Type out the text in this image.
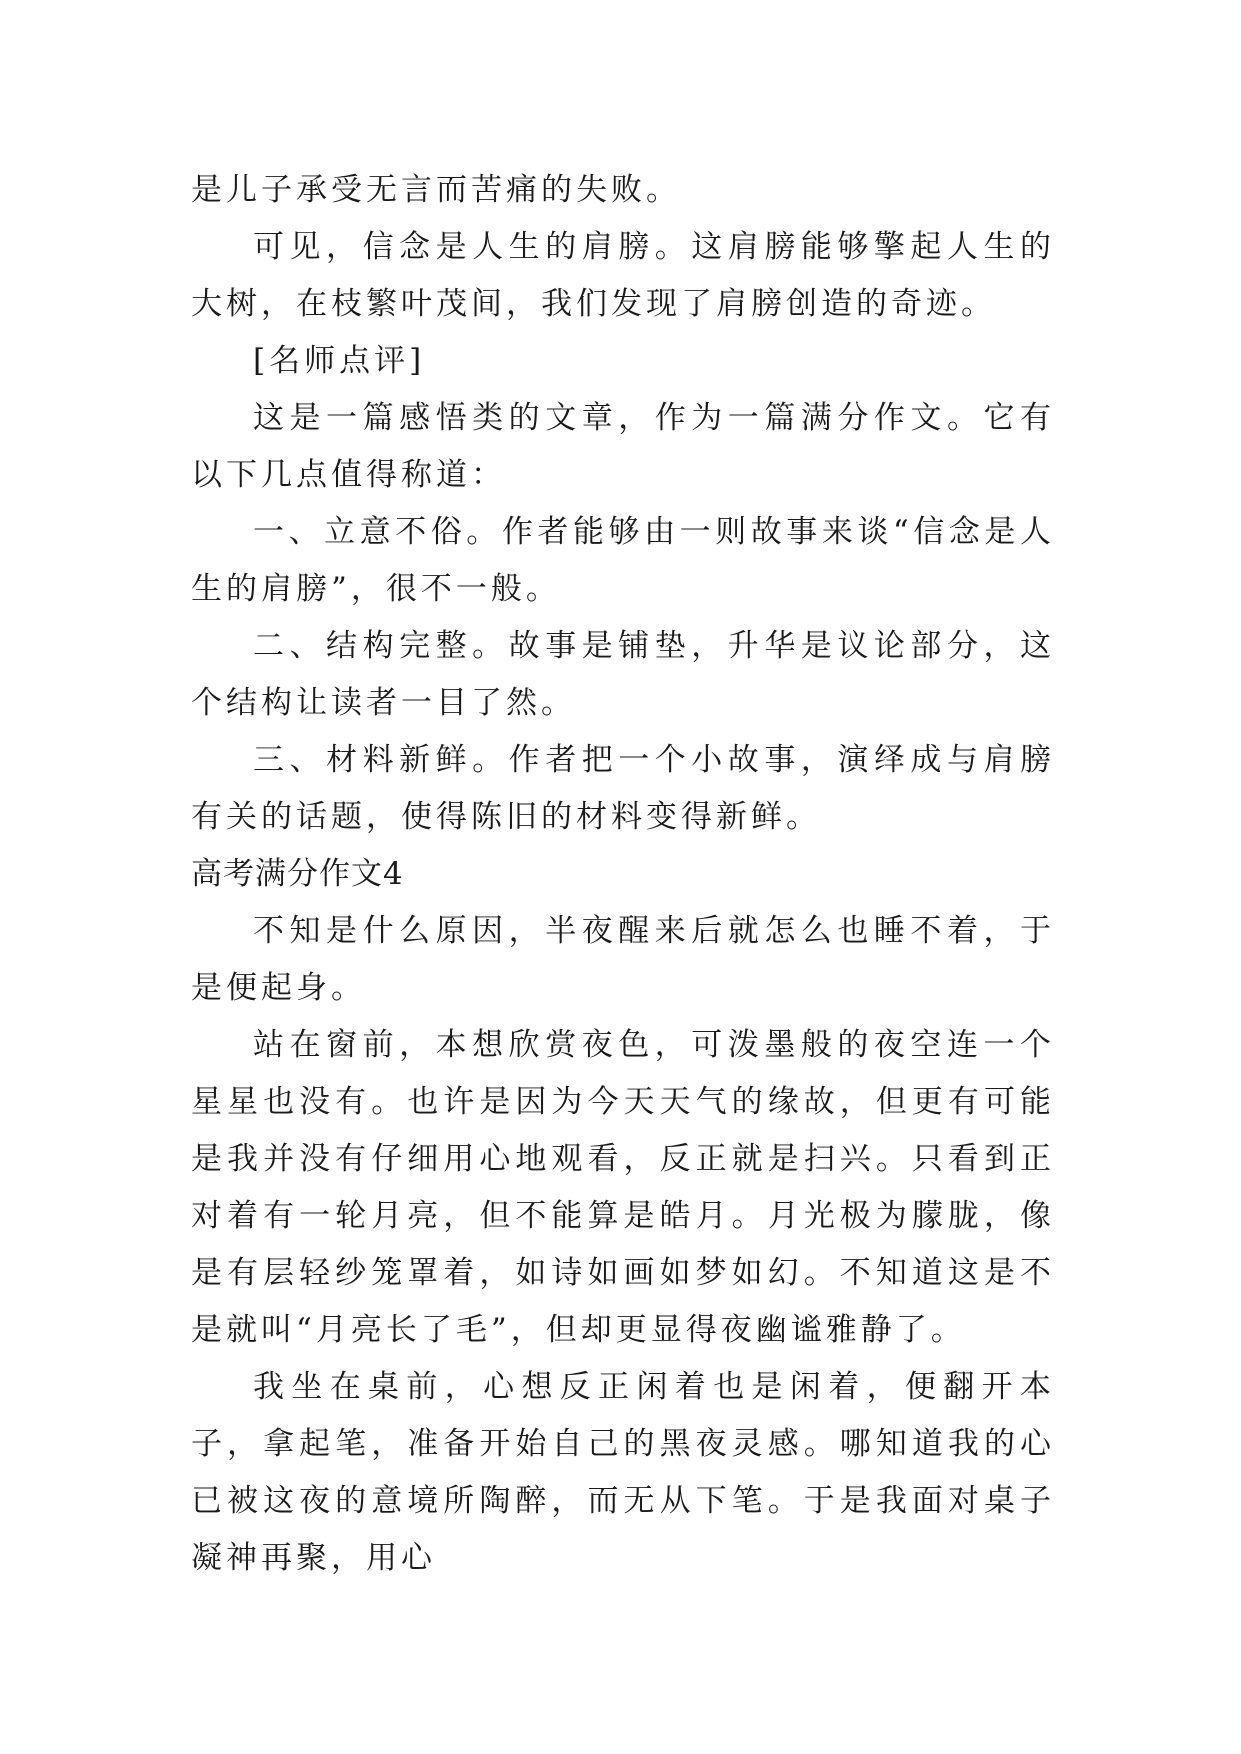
是儿子承受无言而苦痛的失败。

可见，信念是人生的肩膀。这肩膀能够擎起人生的大树，在枝繁叶茂间，我们发现了肩膀创造的奇迹。

[名师点评]

这是一篇感悟类的文章，作为一篇满分作文。它有以下几点值得称道：

一、立意不俗。作者能够由一则故事来谈“信念是人生的肩膀”，很不一般。

二、结构完整。故事是铺垫，升华是议论部分，这个结构让读者一目了然。

三、材料新鲜。作者把一个小故事，演绎成与肩膀有关的话题，使得陈旧的材料变得新鲜。

高考满分作文4

不知是什么原因，半夜醒来后就怎么也睡不着，于是便起身。

站在窗前，本想欣赏夜色，可泼墨般的夜空连一个星星也没有。也许是因为今天天气的缘故，但更有可能是我并没有仔细用心地观看，反正就是扫兴。只看到正对着有一轮月亮，但不能算是皓月。月光极为朦胧，像是有层轻纱笼罩着，如诗如画如梦如幻。不知道这是不是就叫“月亮长了毛”，但却更显得夜幽谧雅静了。

我坐在桌前，心想反正闲着也是闲着，便翻开本子，拿起笔，准备开始自己的黑夜灵感。哪知道我的心已被这夜的意境所陶醉，而无从下笔。于是我面对桌子凝神再聚，用心
